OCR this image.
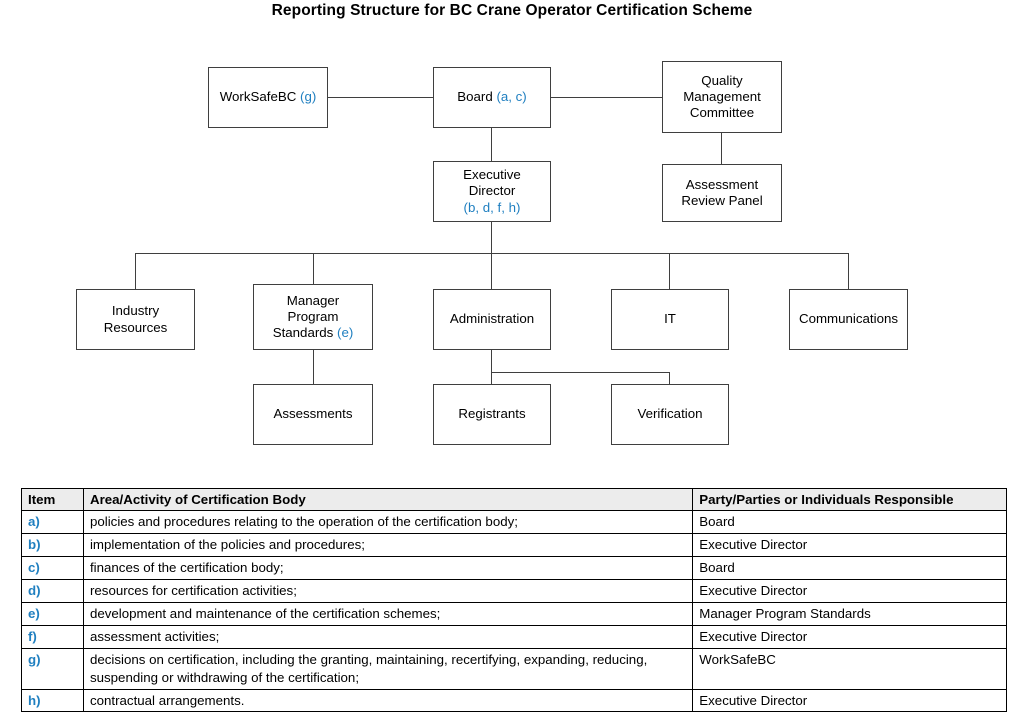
Reporting Structure for BC Crane Operator Certification Scheme
WorkSafeBC (g)	Board (a, c)
Quality
Management
Committee
Executive
Director
(b, d, f, h)
Assessment
Review Panel
Industry
Resources
Manager
Program
Standards (e)
Administration	IT	Communications
Assessments	Registrants	Verification
Item	Area/Activity of Certification Body	Party/Parties or Individuals Responsible
a)	policies and procedures relating to the operation of the certification body;	Board
b)	implementation of the policies and procedures;	Executive Director
c)	finances of the certification body;	Board
d)	resources for certification activities;	Executive Director
e)	development and maintenance of the certification schemes;	Manager Program Standards
f)	assessment activities;	Executive Director
g)	decisions on certification, including the granting, maintaining, recertifying, expanding, reducing, suspending or withdrawing of the certification;	WorkSafeBC
h)	contractual arrangements.	Executive Director
